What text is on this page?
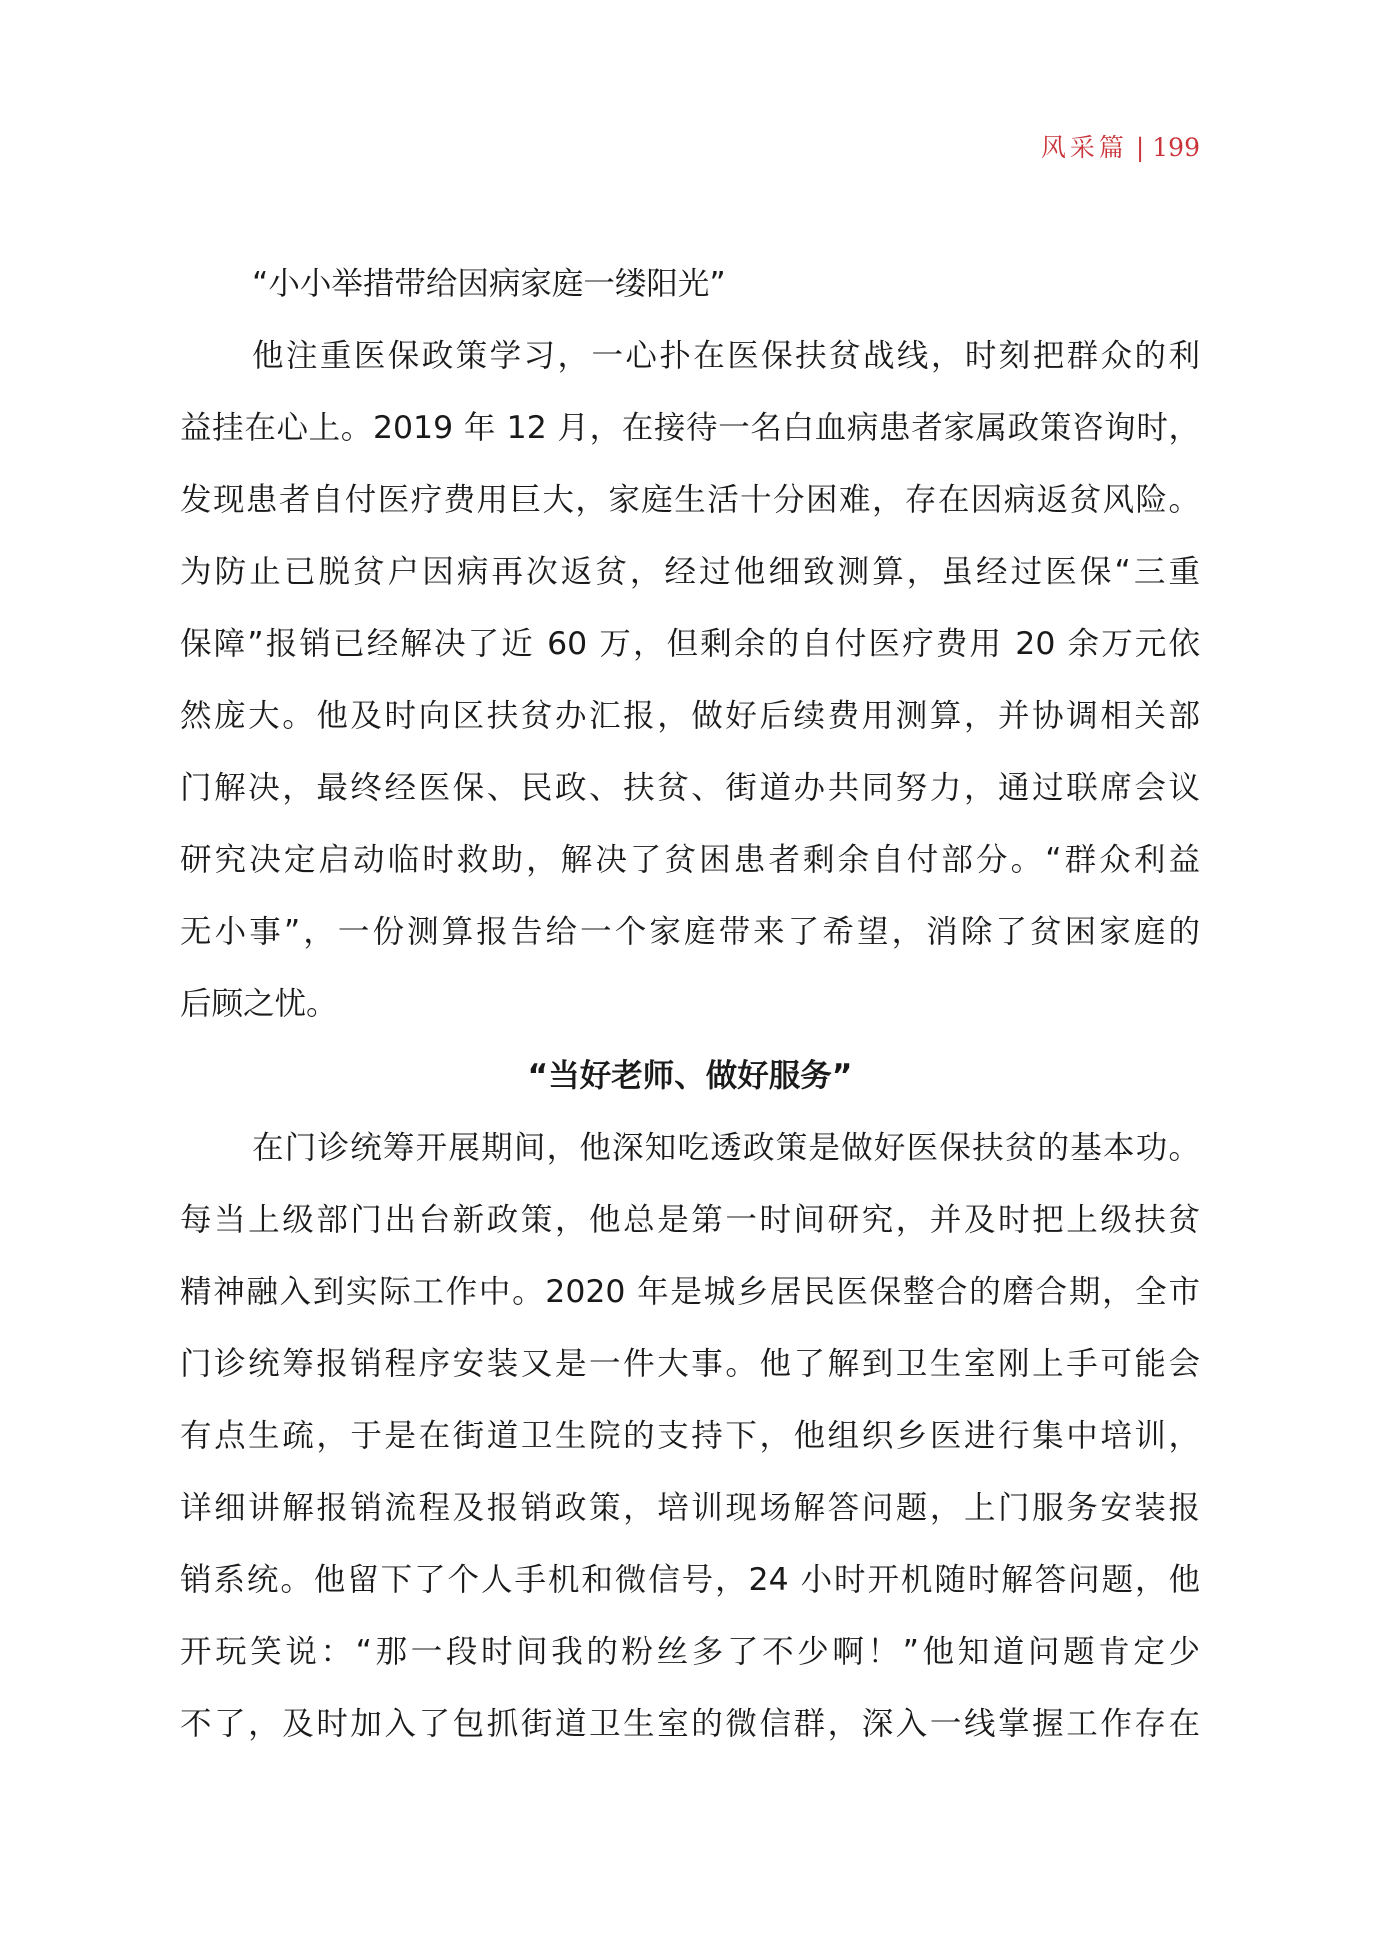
风采篇 | 199
“小小举措带给因病家庭一缕阳光”
他注重医保政策学习，一心扑在医保扶贫战线，时刻把群众的利
益挂在心上。2019 年 12 月，在接待一名白血病患者家属政策咨询时，
发现患者自付医疗费用巨大，家庭生活十分困难，存在因病返贫风险。
为防止已脱贫户因病再次返贫，经过他细致测算，虽经过医保“三重
保障”报销已经解决了近 60 万，但剩余的自付医疗费用 20 余万元依
然庞大。他及时向区扶贫办汇报，做好后续费用测算，并协调相关部
门解决，最终经医保、民政、扶贫、街道办共同努力，通过联席会议
研究决定启动临时救助，解决了贫困患者剩余自付部分。“群众利益
无小事”，一份测算报告给一个家庭带来了希望，消除了贫困家庭的
后顾之忧。
“当好老师、做好服务”
在门诊统筹开展期间，他深知吃透政策是做好医保扶贫的基本功。
每当上级部门出台新政策，他总是第一时间研究，并及时把上级扶贫
精神融入到实际工作中。2020 年是城乡居民医保整合的磨合期，全市
门诊统筹报销程序安装又是一件大事。他了解到卫生室刚上手可能会
有点生疏，于是在街道卫生院的支持下，他组织乡医进行集中培训，
详细讲解报销流程及报销政策，培训现场解答问题，上门服务安装报
销系统。他留下了个人手机和微信号，24 小时开机随时解答问题，他
开玩笑说：“那一段时间我的粉丝多了不少啊！”他知道问题肯定少
不了，及时加入了包抓街道卫生室的微信群，深入一线掌握工作存在
